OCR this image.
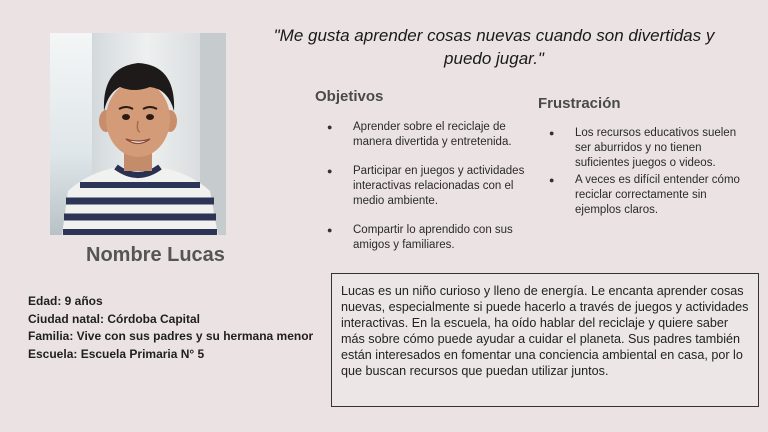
"Me gusta aprender cosas nuevas cuando son divertidas y puedo jugar."
Nombre Lucas
Objetivos
● Aprender sobre el reciclaje de manera divertida y entretenida.
● Participar en juegos y actividades interactivas relacionadas con el medio ambiente.
● Compartir lo aprendido con sus amigos y familiares.
Frustración
● Los recursos educativos suelen ser aburridos y no tienen suficientes juegos o videos.
● A veces es difícil entender cómo reciclar correctamente sin ejemplos claros.
Edad: 9 años
Ciudad natal: Córdoba Capital
Familia: Vive con sus padres y su hermana menor
Escuela: Escuela Primaria N° 5
Lucas es un niño curioso y lleno de energía. Le encanta aprender cosas nuevas, especialmente si puede hacerlo a través de juegos y actividades interactivas. En la escuela, ha oído hablar del reciclaje y quiere saber más sobre cómo puede ayudar a cuidar el planeta. Sus padres también están interesados en fomentar una conciencia ambiental en casa, por lo que buscan recursos que puedan utilizar juntos.
